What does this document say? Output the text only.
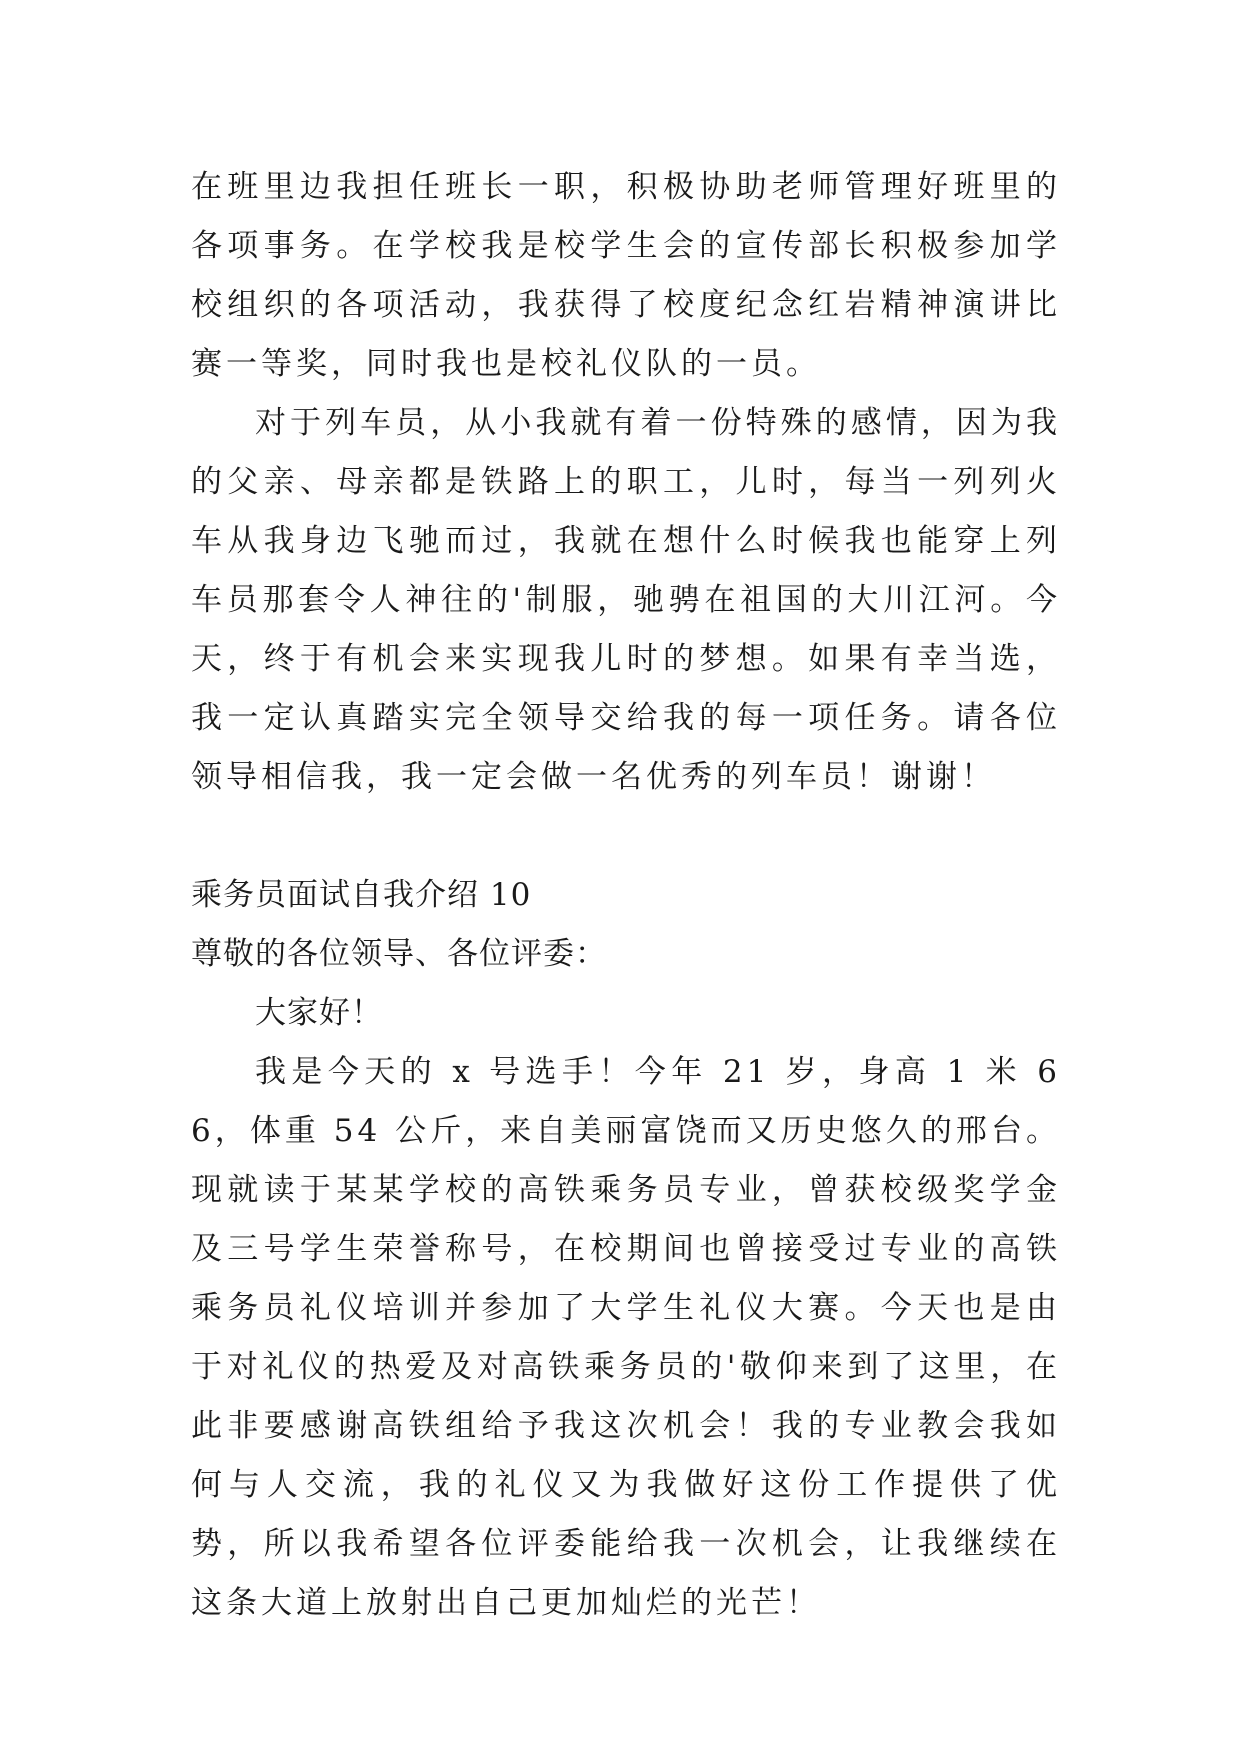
在班里边我担任班长一职，积极协助老师管理好班里的各项事务。在学校我是校学生会的宣传部长积极参加学校组织的各项活动，我获得了校度纪念红岩精神演讲比赛一等奖，同时我也是校礼仪队的一员。

对于列车员，从小我就有着一份特殊的感情，因为我的父亲、母亲都是铁路上的职工，儿时，每当一列列火车从我身边飞驰而过，我就在想什么时候我也能穿上列车员那套令人神往的'制服，驰骋在祖国的大川江河。今天，终于有机会来实现我儿时的梦想。如果有幸当选，我一定认真踏实完全领导交给我的每一项任务。请各位领导相信我，我一定会做一名优秀的列车员！谢谢！

乘务员面试自我介绍 10

尊敬的各位领导、各位评委：

大家好！

我是今天的 x 号选手！今年 21 岁，身高 1 米 66，体重 54 公斤，来自美丽富饶而又历史悠久的邢台。现就读于某某学校的高铁乘务员专业，曾获校级奖学金及三号学生荣誉称号，在校期间也曾接受过专业的高铁乘务员礼仪培训并参加了大学生礼仪大赛。今天也是由于对礼仪的热爱及对高铁乘务员的'敬仰来到了这里，在此非要感谢高铁组给予我这次机会！我的专业教会我如何与人交流，我的礼仪又为我做好这份工作提供了优势，所以我希望各位评委能给我一次机会，让我继续在这条大道上放射出自己更加灿烂的光芒！
